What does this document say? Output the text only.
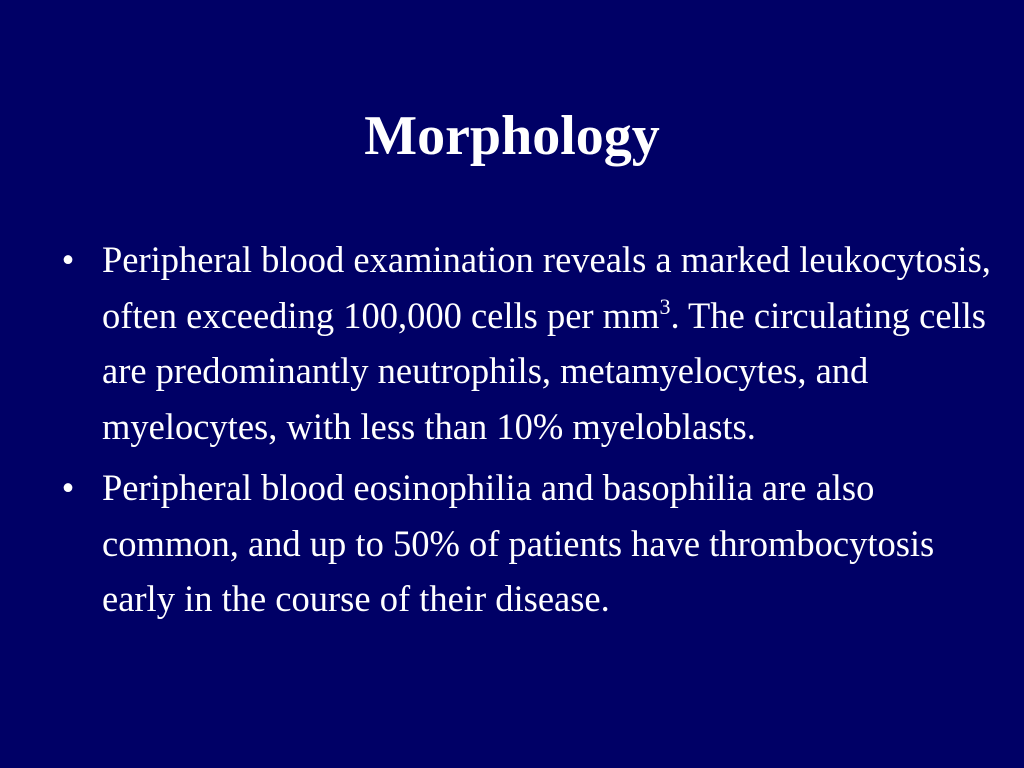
Morphology
• Peripheral blood examination reveals a marked leukocytosis, often exceeding 100,000 cells per $mm^3$. The circulating cells are predominantly neutrophils, metamyelocytes, and myelocytes, with less than 10% myeloblasts.
• Peripheral blood eosinophilia and basophilia are also common, and up to 50% of patients have thrombocytosis early in the course of their disease.
